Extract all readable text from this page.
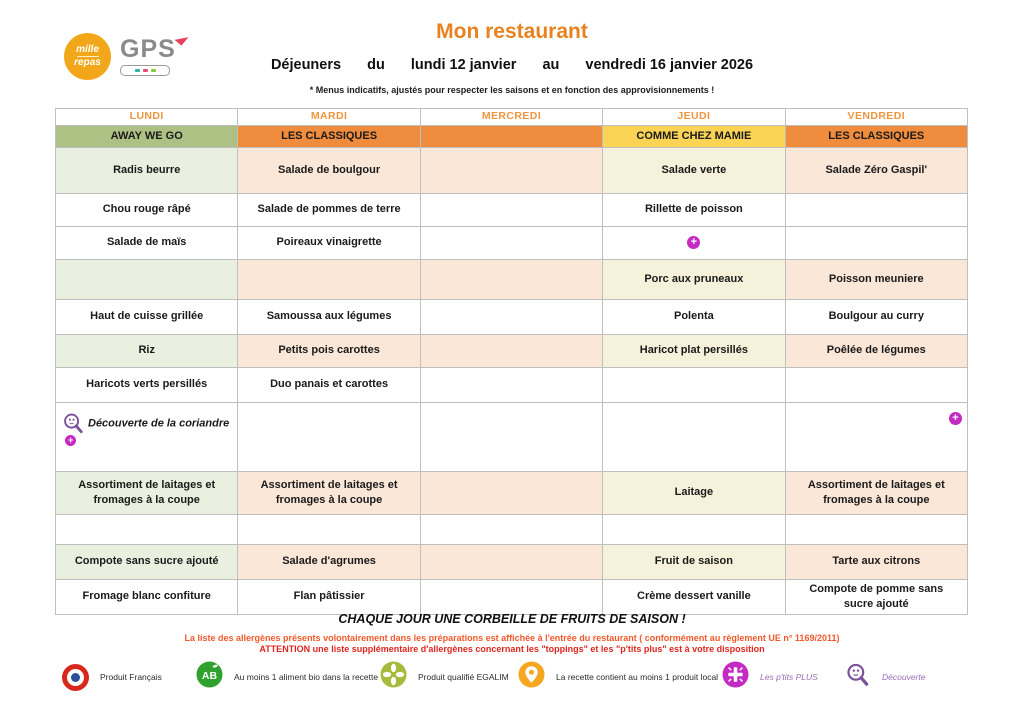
mille
repas GPS
Mon restaurant
Déjeuners du lundi 12 janvier au vendredi 16 janvier 2026
* Menus indicatifs, ajustés pour respecter les saisons et en fonction des approvisionnements !
LUNDI	MARDI	MERCREDI	JEUDI	VENDREDI
AWAY WE GO	LES CLASSIQUES		COMME CHEZ MAMIE	LES CLASSIQUES
Radis beurre	Salade de boulgour		Salade verte	Salade Zéro Gaspil'
Chou rouge râpé	Salade de pommes de terre		Rillette de poisson	
Salade de maïs	Poireaux vinaigrette		+	
			Porc aux pruneaux	Poisson meuniere
Haut de cuisse grillée	Samoussa aux légumes		Polenta	Boulgour au curry
Riz	Petits pois carottes		Haricot plat persillés	Poêlée de légumes
Haricots verts persillés	Duo panais et carottes			
Découverte de la coriandre+				+
Assortiment de laitages et fromages à la coupe	Assortiment de laitages et fromages à la coupe		Laitage	Assortiment de laitages et fromages à la coupe

Compote sans sucre ajouté	Salade d'agrumes		Fruit de saison	Tarte aux citrons
Fromage blanc confiture	Flan pâtissier		Crème dessert vanille	Compote de pomme sans sucre ajouté
CHAQUE JOUR UNE CORBEILLE DE FRUITS DE SAISON !
La liste des allergènes présents volontairement dans les préparations est affichée à l'entrée du restaurant ( conformément au règlement UE n° 1169/2011)
ATTENTION une liste supplémentaire d'allergènes concernant les "toppings" et les "p'tits plus" est à votre disposition
Produit Français	AB Au moins 1 aliment bio dans la recette	Produit qualifié EGALIM	La recette contient au moins 1 produit local	Les p'tits PLUS	Découverte
